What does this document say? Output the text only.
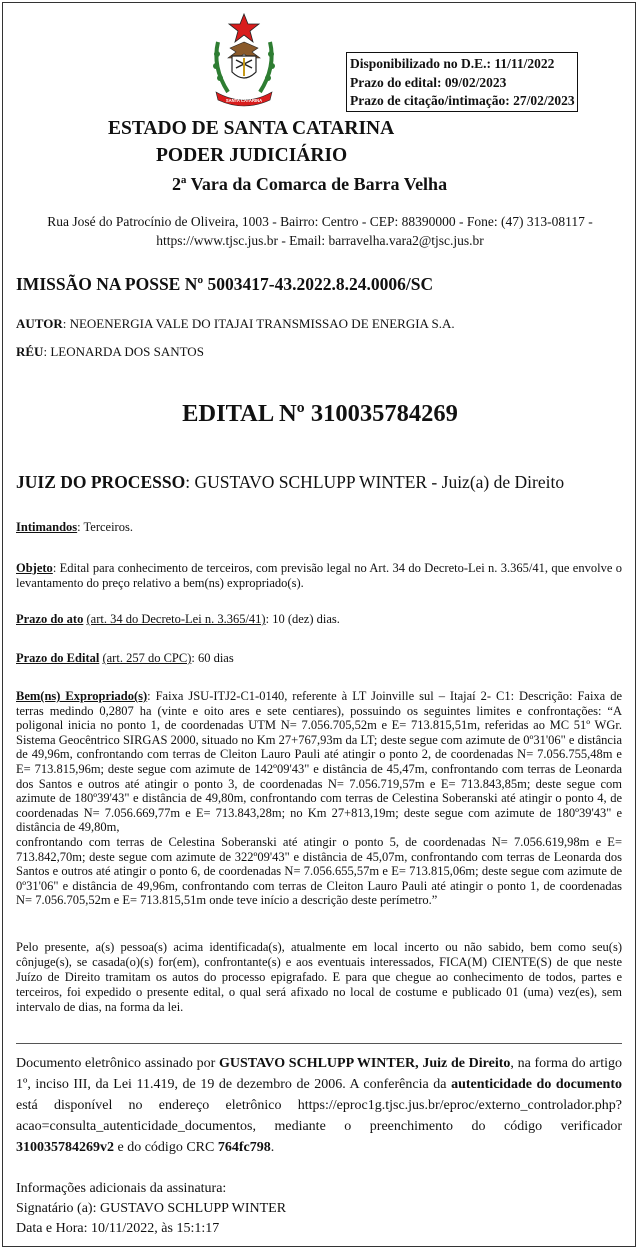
SANTA CATARINA
Disponibilizado no D.E.: 11/11/2022
Prazo do edital: 09/02/2023
Prazo de citação/intimação: 27/02/2023
ESTADO DE SANTA CATARINA
PODER JUDICIÁRIO
2ª Vara da Comarca de Barra Velha
Rua José do Patrocínio de Oliveira, 1003 - Bairro: Centro - CEP: 88390000 - Fone: (47) 313-08117 -
https://www.tjsc.jus.br - Email: barravelha.vara2@tjsc.jus.br
IMISSÃO NA POSSE Nº 5003417-43.2022.8.24.0006/SC
AUTOR: NEOENERGIA VALE DO ITAJAI TRANSMISSAO DE ENERGIA S.A.
RÉU: LEONARDA DOS SANTOS
EDITAL Nº 310035784269
JUIZ DO PROCESSO: GUSTAVO SCHLUPP WINTER - Juiz(a) de Direito
Intimandos: Terceiros.
Objeto: Edital para conhecimento de terceiros, com previsão legal no Art. 34 do Decreto-Lei n. 3.365/41, que envolve o levantamento do preço relativo a bem(ns) expropriado(s).
Prazo do ato (art. 34 do Decreto-Lei n. 3.365/41): 10 (dez) dias.
Prazo do Edital (art. 257 do CPC): 60 dias
Bem(ns) Expropriado(s): Faixa JSU-ITJ2-C1-0140, referente à LT Joinville sul – Itajaí 2- C1: Descrição: Faixa de terras medindo 0,2807 ha (vinte e oito ares e sete centiares), possuindo os seguintes limites e confrontações: “A poligonal inicia no ponto 1, de coordenadas UTM N= 7.056.705,52m e E= 713.815,51m, referidas ao MC 51º WGr. Sistema Geocêntrico SIRGAS 2000, situado no Km 27+767,93m da LT; deste segue com azimute de 0º31'06" e distância de 49,96m, confrontando com terras de Cleiton Lauro Pauli até atingir o ponto 2, de coordenadas N= 7.056.755,48m e E= 713.815,96m; deste segue com azimute de 142º09'43" e distância de 45,47m, confrontando com terras de Leonarda dos Santos e outros até atingir o ponto 3, de coordenadas N= 7.056.719,57m e E= 713.843,85m; deste segue com azimute de 180º39'43" e distância de 49,80m, confrontando com terras de Celestina Soberanski até atingir o ponto 4, de coordenadas N= 7.056.669,77m e E= 713.843,28m; no Km 27+813,19m; deste segue com azimute de 180º39'43" e distância de 49,80m,
confrontando com terras de Celestina Soberanski até atingir o ponto 5, de coordenadas N= 7.056.619,98m e E= 713.842,70m; deste segue com azimute de 322º09'43" e distância de 45,07m, confrontando com terras de Leonarda dos Santos e outros até atingir o ponto 6, de coordenadas N= 7.056.655,57m e E= 713.815,06m; deste segue com azimute de 0º31'06" e distância de 49,96m, confrontando com terras de Cleiton Lauro Pauli até atingir o ponto 1, de coordenadas N= 7.056.705,52m e E= 713.815,51m onde teve início a descrição deste perímetro.”
Pelo presente, a(s) pessoa(s) acima identificada(s), atualmente em local incerto ou não sabido, bem como seu(s) cônjuge(s), se casada(o)(s) for(em), confrontante(s) e aos eventuais interessados, FICA(M) CIENTE(S) de que neste Juízo de Direito tramitam os autos do processo epigrafado. E para que chegue ao conhecimento de todos, partes e terceiros, foi expedido o presente edital, o qual será afixado no local de costume e publicado 01 (uma) vez(es), sem intervalo de dias, na forma da lei.
Documento eletrônico assinado por GUSTAVO SCHLUPP WINTER, Juiz de Direito, na forma do artigo 1º, inciso III, da Lei 11.419, de 19 de dezembro de 2006. A conferência da autenticidade do documento está disponível no endereço eletrônico https://eproc1g.tjsc.jus.br/eproc/externo_controlador.php?acao=consulta_autenticidade_documentos, mediante o preenchimento do código verificador 310035784269v2 e do código CRC 764fc798.
Informações adicionais da assinatura:
Signatário (a): GUSTAVO SCHLUPP WINTER
Data e Hora: 10/11/2022, às 15:1:17
